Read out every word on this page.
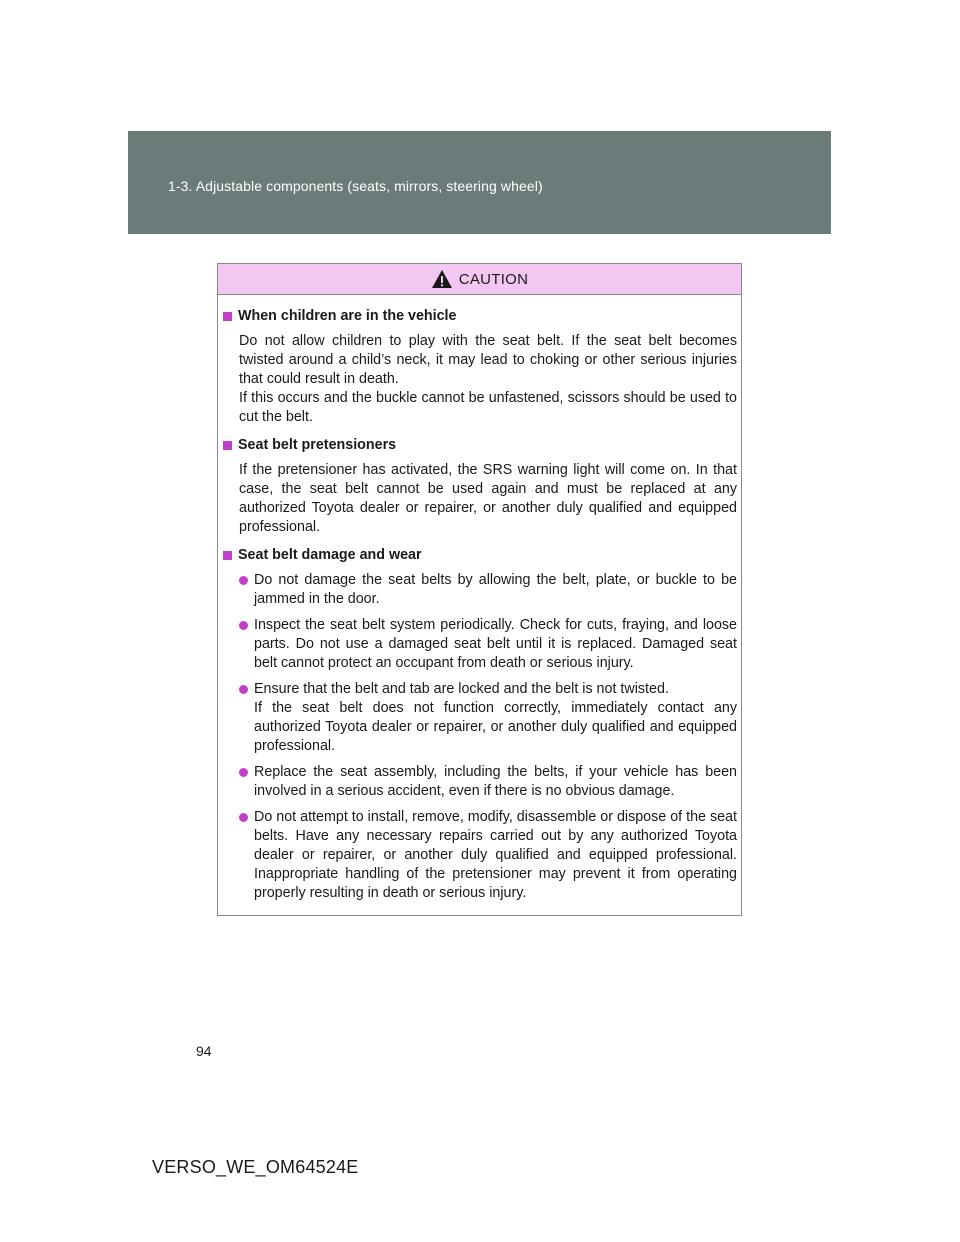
1-3. Adjustable components (seats, mirrors, steering wheel)
CAUTION
When children are in the vehicle
Do not allow children to play with the seat belt. If the seat belt becomes twisted around a child’s neck, it may lead to choking or other serious injuries that could result in death.
If this occurs and the buckle cannot be unfastened, scissors should be used to cut the belt.
Seat belt pretensioners
If the pretensioner has activated, the SRS warning light will come on. In that case, the seat belt cannot be used again and must be replaced at any authorized Toyota dealer or repairer, or another duly qualified and equipped professional.
Seat belt damage and wear
Do not damage the seat belts by allowing the belt, plate, or buckle to be jammed in the door.
Inspect the seat belt system periodically. Check for cuts, fraying, and loose parts. Do not use a damaged seat belt until it is replaced. Damaged seat belt cannot protect an occupant from death or serious injury.
Ensure that the belt and tab are locked and the belt is not twisted.
If the seat belt does not function correctly, immediately contact any authorized Toyota dealer or repairer, or another duly qualified and equipped professional.
Replace the seat assembly, including the belts, if your vehicle has been involved in a serious accident, even if there is no obvious damage.
Do not attempt to install, remove, modify, disassemble or dispose of the seat belts. Have any necessary repairs carried out by any authorized Toyota dealer or repairer, or another duly qualified and equipped professional. Inappropriate handling of the pretensioner may prevent it from operating properly resulting in death or serious injury.
94
VERSO_WE_OM64524E
